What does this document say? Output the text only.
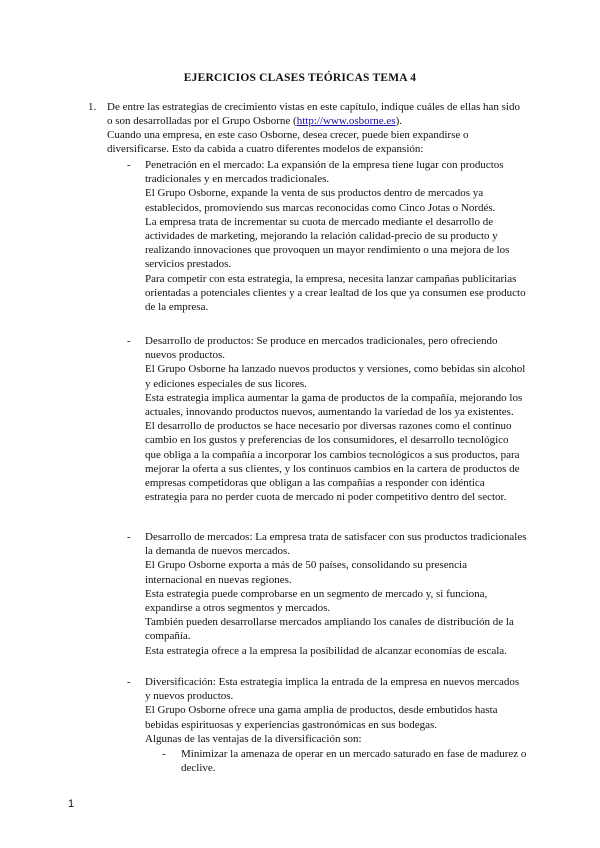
EJERCICIOS CLASES TEÓRICAS TEMA 4
1. De entre las estrategias de crecimiento vistas en este capítulo, indique cuáles de ellas han sido o son desarrolladas por el Grupo Osborne (http://www.osborne.es).
Cuando una empresa, en este caso Osborne, desea crecer, puede bien expandirse o diversificarse. Esto da cabida a cuatro diferentes modelos de expansión:
- Penetración en el mercado: La expansión de la empresa tiene lugar con productos tradicionales y en mercados tradicionales.

El Grupo Osborne, expande la venta de sus productos dentro de mercados ya establecidos, promoviendo sus marcas reconocidas como Cinco Jotas o Nordés.

La empresa trata de incrementar su cuota de mercado mediante el desarrollo de actividades de marketing, mejorando la relación calidad-precio de su producto y realizando innovaciones que provoquen un mayor rendimiento o una mejora de los servicios prestados.

Para competir con esta estrategia, la empresa, necesita lanzar campañas publicitarias orientadas a potenciales clientes y a crear lealtad de los que ya consumen ese producto de la empresa.

- Desarrollo de productos: Se produce en mercados tradicionales, pero ofreciendo nuevos productos.

El Grupo Osborne ha lanzado nuevos productos y versiones, como bebidas sin alcohol y ediciones especiales de sus licores.

Esta estrategia implica aumentar la gama de productos de la compañía, mejorando los actuales, innovando productos nuevos, aumentando la variedad de los ya existentes.

El desarrollo de productos se hace necesario por diversas razones como el continuo cambio en los gustos y preferencias de los consumidores, el desarrollo tecnológico que obliga a la compañía a incorporar los cambios tecnológicos a sus productos, para mejorar la oferta a sus clientes, y los continuos cambios en la cartera de productos de empresas competidoras que obligan a las compañías a responder con idéntica estrategia para no perder cuota de mercado ni poder competitivo dentro del sector.

- Desarrollo de mercados: La empresa trata de satisfacer con sus productos tradicionales la demanda de nuevos mercados.

El Grupo Osborne exporta a más de 50 países, consolidando su presencia internacional en nuevas regiones.

Esta estrategia puede comprobarse en un segmento de mercado y, si funciona, expandirse a otros segmentos y mercados.

También pueden desarrollarse mercados ampliando los canales de distribución de la compañía.

Esta estrategia ofrece a la empresa la posibilidad de alcanzar economías de escala.

- Diversificación: Esta estrategia implica la entrada de la empresa en nuevos mercados y nuevos productos.

El Grupo Osborne ofrece una gama amplia de productos, desde embutidos hasta bebidas espirituosas y experiencias gastronómicas en sus bodegas.

Algunas de las ventajas de la diversificación son:

- Minimizar la amenaza de operar en un mercado saturado en fase de madurez o declive.
1
